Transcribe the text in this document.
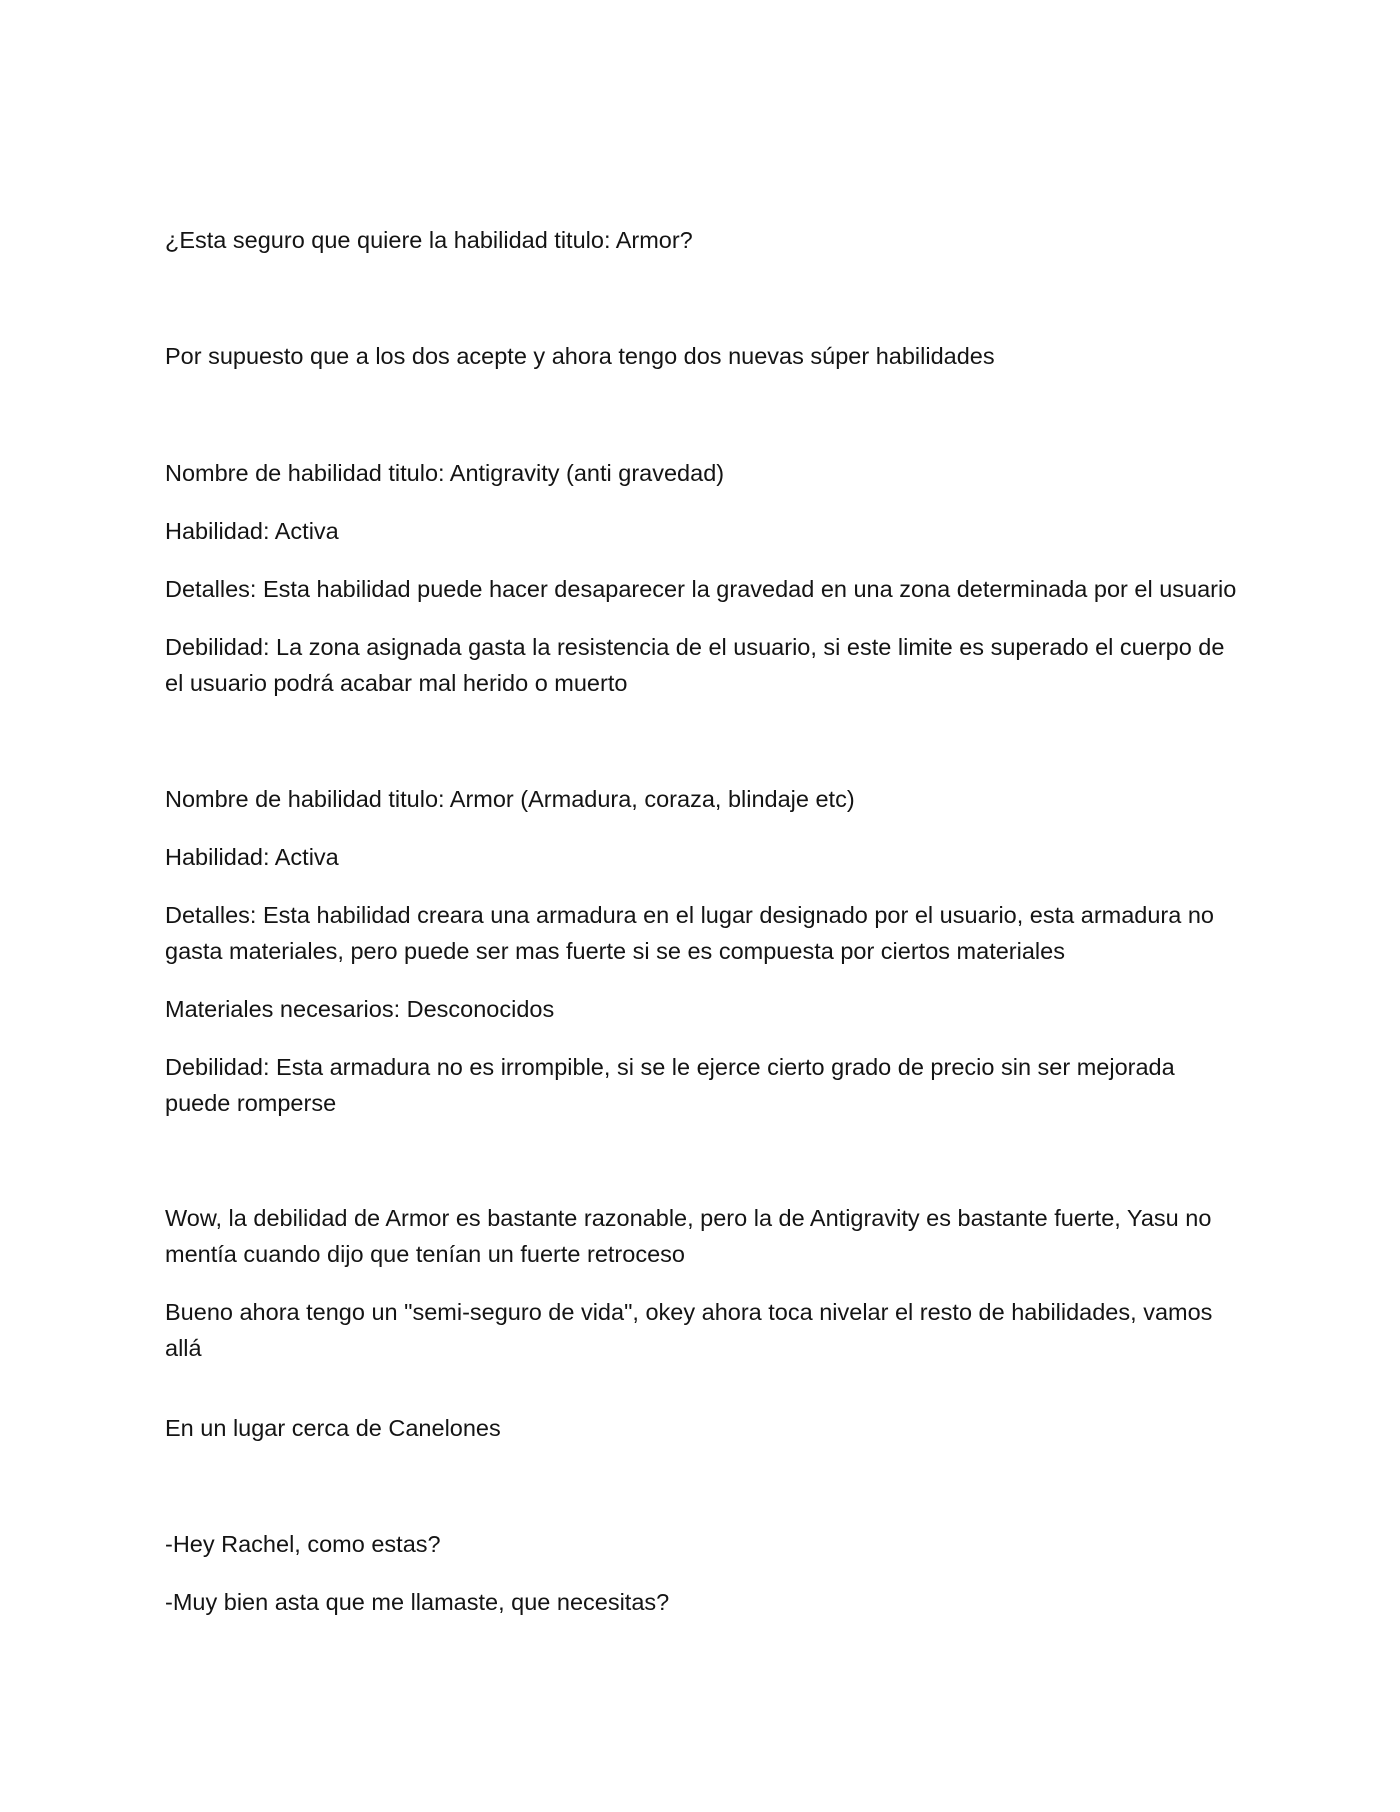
¿Esta seguro que quiere la habilidad titulo: Armor?

Por supuesto que a los dos acepte y ahora tengo dos nuevas súper habilidades

Nombre de habilidad titulo: Antigravity (anti gravedad)

Habilidad: Activa

Detalles: Esta habilidad puede hacer desaparecer la gravedad en una zona determinada por el usuario

Debilidad: La zona asignada gasta la resistencia de el usuario, si este limite es superado el cuerpo de el usuario podrá acabar mal herido o muerto

Nombre de habilidad titulo: Armor (Armadura, coraza, blindaje etc)

Habilidad: Activa

Detalles: Esta habilidad creara una armadura en el lugar designado por el usuario, esta armadura no gasta materiales, pero puede ser mas fuerte si se es compuesta por ciertos materiales

Materiales necesarios: Desconocidos

Debilidad: Esta armadura no es irrompible, si se le ejerce cierto grado de precio sin ser mejorada puede romperse

Wow, la debilidad de Armor es bastante razonable, pero la de Antigravity es bastante fuerte, Yasu no mentía cuando dijo que tenían un fuerte retroceso

Bueno ahora tengo un "semi-seguro de vida", okey ahora toca nivelar el resto de habilidades, vamos allá

En un lugar cerca de Canelones

-Hey Rachel, como estas?

-Muy bien asta que me llamaste, que necesitas?
